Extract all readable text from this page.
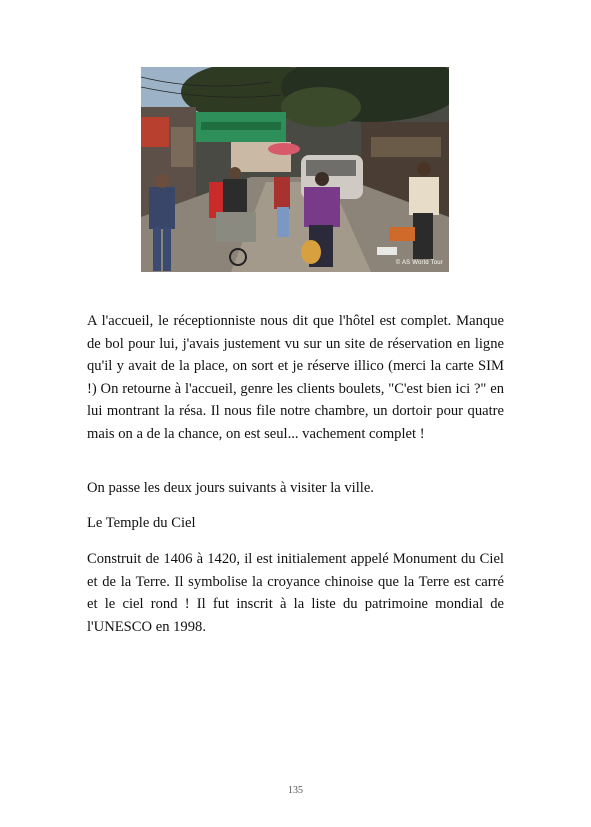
© AS World Tour
A l'accueil, le réceptionniste nous dit que l'hôtel est complet. Manque de bol pour lui, j'avais justement vu sur un site de réservation en ligne qu'il y avait de la place, on sort et je réserve illico (merci la carte SIM !) On retourne à l'accueil, genre les clients boulets, "C'est bien ici ?" en lui montrant la résa. Il nous file notre chambre, un dortoir pour quatre mais on a de la chance, on est seul... vachement complet !
On passe les deux jours suivants à visiter la ville.
Le Temple du Ciel
Construit de 1406 à 1420, il est initialement appelé Monument du Ciel et de la Terre. Il symbolise la croyance chinoise que la Terre est carré et le ciel rond ! Il fut inscrit à la liste du patrimoine mondial de l'UNESCO en 1998.
135
